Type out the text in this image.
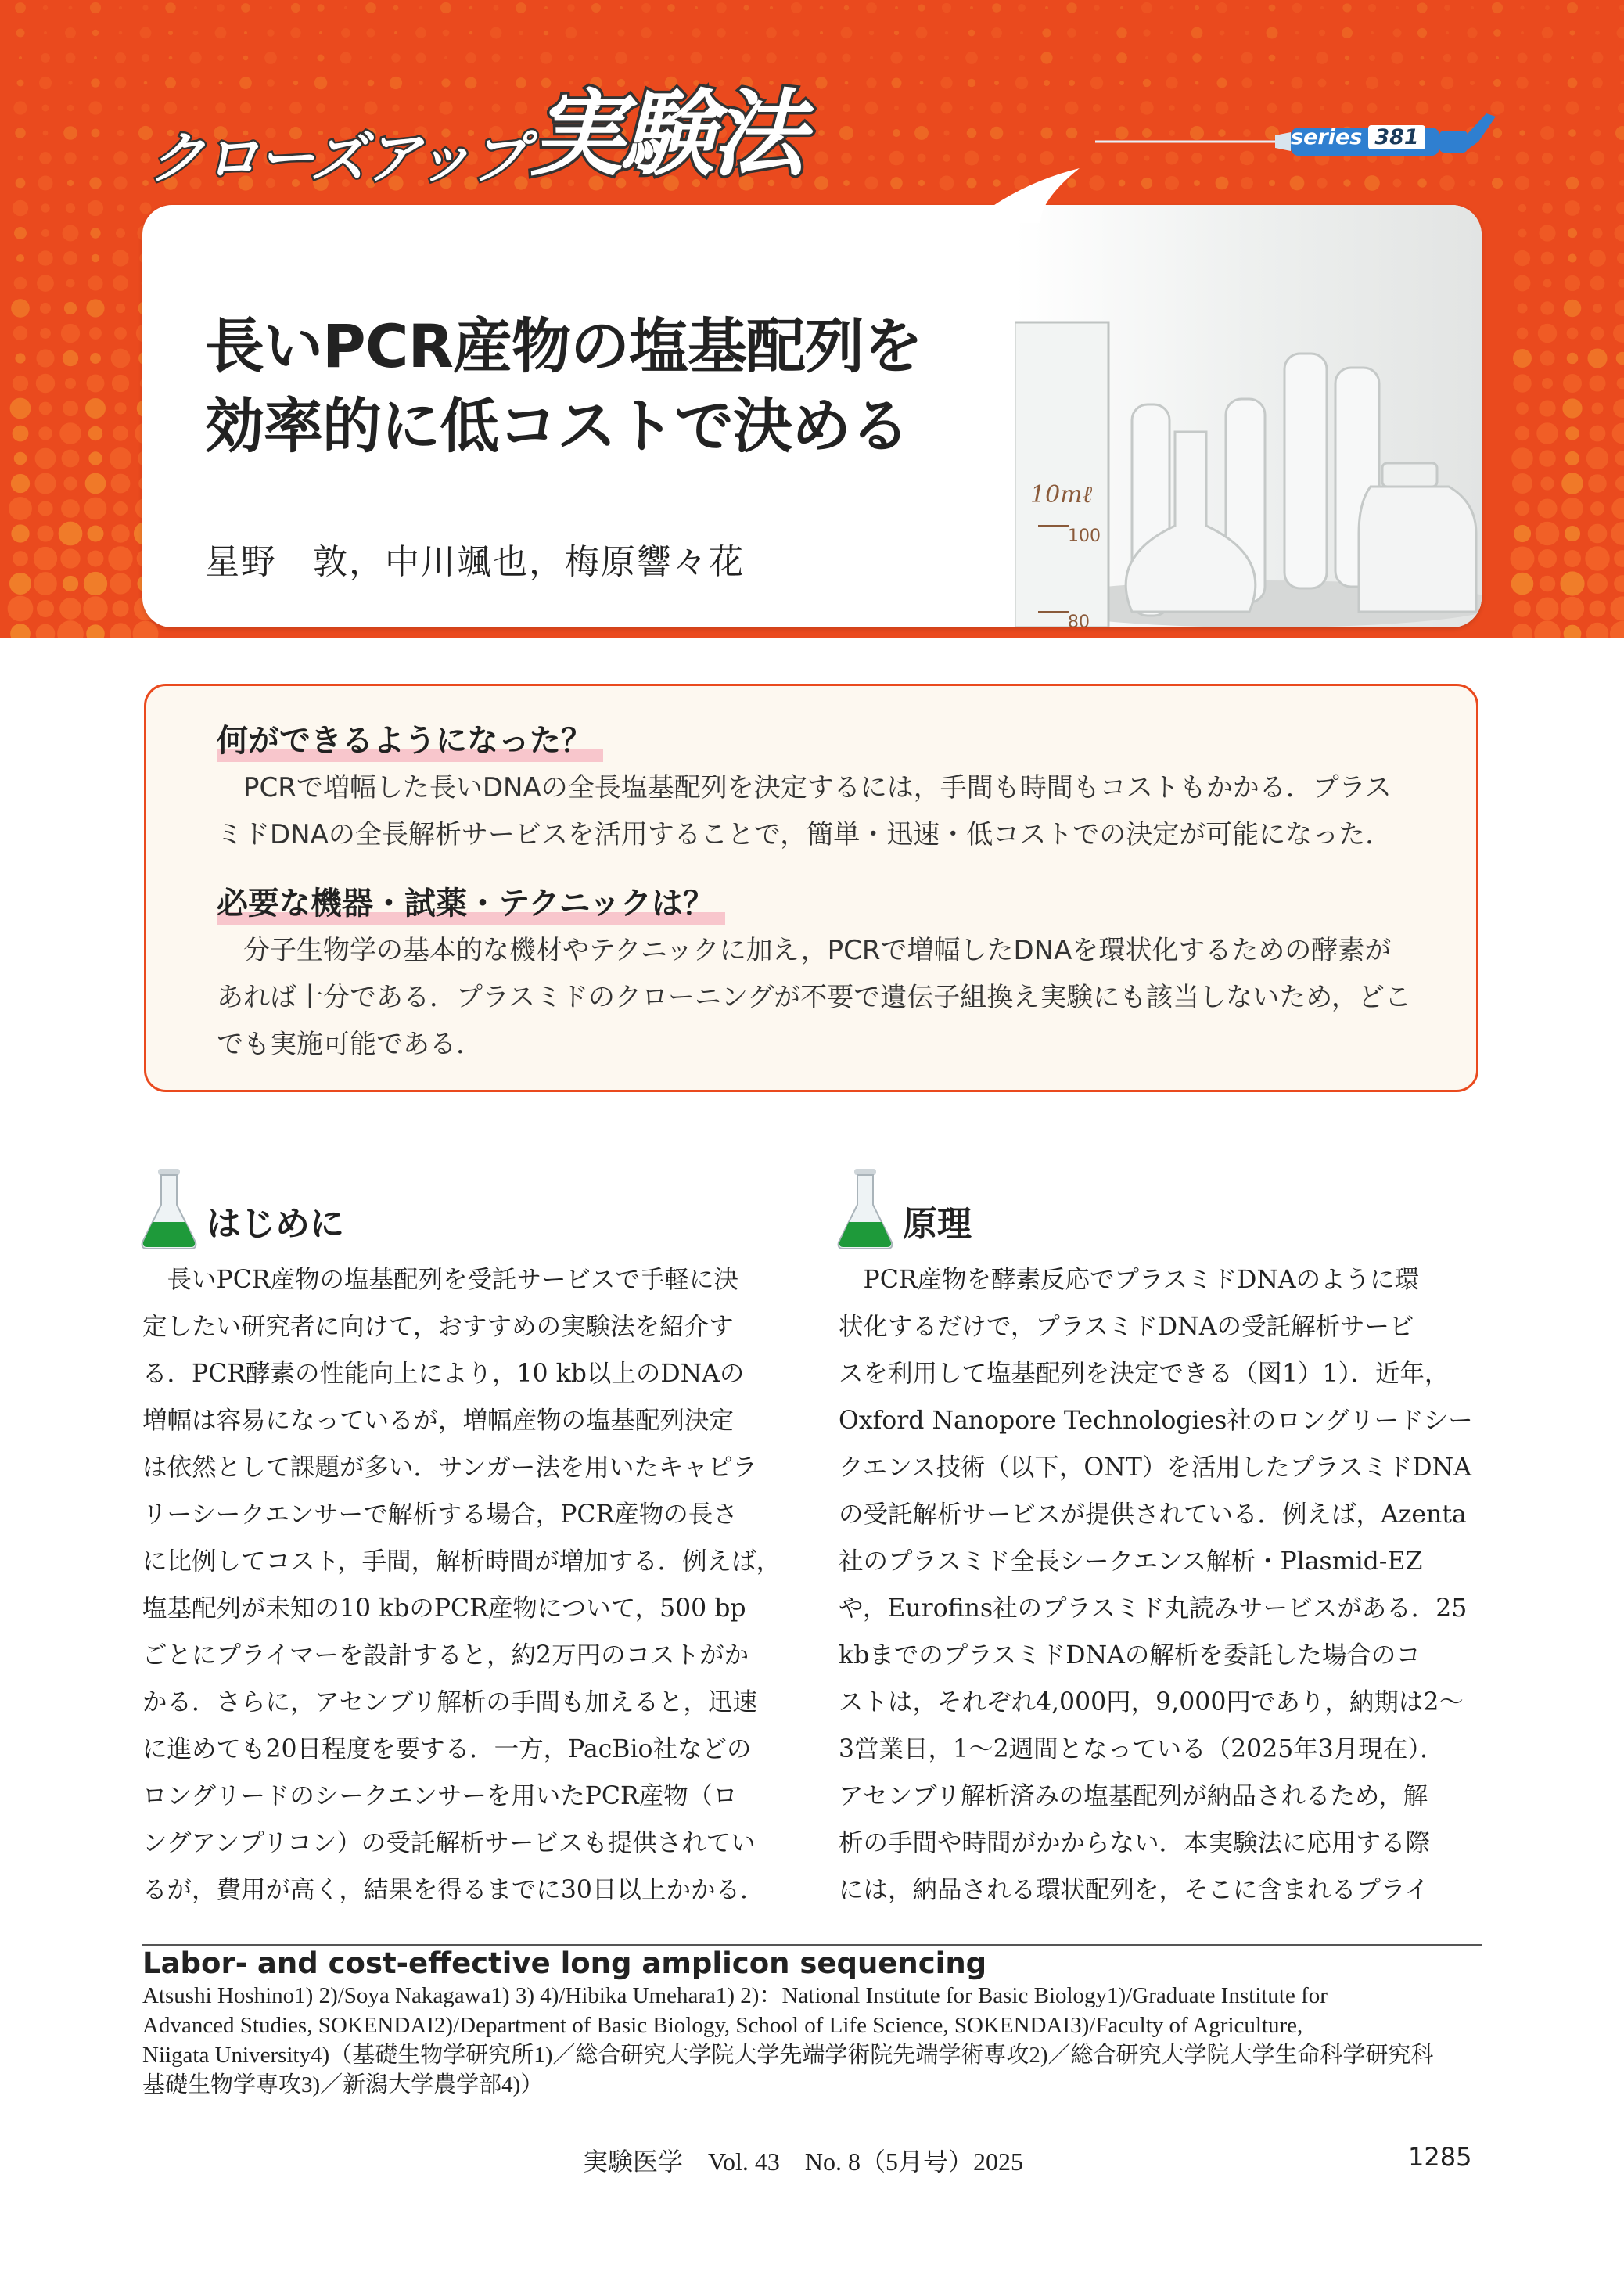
クローズアップ 実験法	series 381
10mℓ
100
80
長いPCR産物の塩基配列を
効率的に低コストで決める
星野　敦，中川颯也，梅原響々花
何ができるようになった？

　PCRで増幅した長いDNAの全長塩基配列を決定するには，手間も時間もコストもかかる．プラス

ミドDNAの全長解析サービスを活用することで，簡単・迅速・低コストでの決定が可能になった．

必要な機器・試薬・テクニックは？

　分子生物学の基本的な機材やテクニックに加え，PCRで増幅したDNAを環状化するための酵素が

あれば十分である．プラスミドのクローニングが不要で遺伝子組換え実験にも該当しないため，どこ

でも実施可能である．

はじめに

　長いPCR産物の塩基配列を受託サービスで手軽に決

定したい研究者に向けて，おすすめの実験法を紹介す

る．PCR酵素の性能向上により，10 kb以上のDNAの

増幅は容易になっているが，増幅産物の塩基配列決定

は依然として課題が多い．サンガー法を用いたキャピラ

リーシークエンサーで解析する場合，PCR産物の長さ

に比例してコスト，手間，解析時間が増加する．例えば，

塩基配列が未知の10 kbのPCR産物について，500 bp

ごとにプライマーを設計すると，約2万円のコストがか

かる．さらに，アセンブリ解析の手間も加えると，迅速

に進めても20日程度を要する．一方，PacBio社などの

ロングリードのシークエンサーを用いたPCR産物（ロ

ングアンプリコン）の受託解析サービスも提供されてい

るが，費用が高く，結果を得るまでに30日以上かかる．

原理

　PCR産物を酵素反応でプラスミドDNAのように環

状化するだけで，プラスミドDNAの受託解析サービ

スを利用して塩基配列を決定できる（図1）1）．近年，

Oxford Nanopore Technologies社のロングリードシー

クエンス技術（以下，ONT）を活用したプラスミドDNA

の受託解析サービスが提供されている．例えば，Azenta

社のプラスミド全長シークエンス解析・Plasmid-EZ

や，Eurofins社のプラスミド丸読みサービスがある．25

kbまでのプラスミドDNAの解析を委託した場合のコ

ストは，それぞれ4,000円，9,000円であり，納期は2～

3営業日，1～2週間となっている（2025年3月現在）．

アセンブリ解析済みの塩基配列が納品されるため，解

析の手間や時間がかからない．本実験法に応用する際

には，納品される環状配列を，そこに含まれるプライ

Labor- and cost-effective long amplicon sequencing

Atsushi Hoshino1) 2)/Soya Nakagawa1) 3) 4)/Hibika Umehara1) 2)：National Institute for Basic Biology1)/Graduate Institute for

Advanced Studies, SOKENDAI2)/Department of Basic Biology, School of Life Science, SOKENDAI3)/Faculty of Agriculture,

Niigata University4)（基礎生物学研究所1)／総合研究大学院大学先端学術院先端学術専攻2)／総合研究大学院大学生命科学研究科

基礎生物学専攻3)／新潟大学農学部4)）

実験医学　Vol. 43　No. 8（5月号）2025	1285
